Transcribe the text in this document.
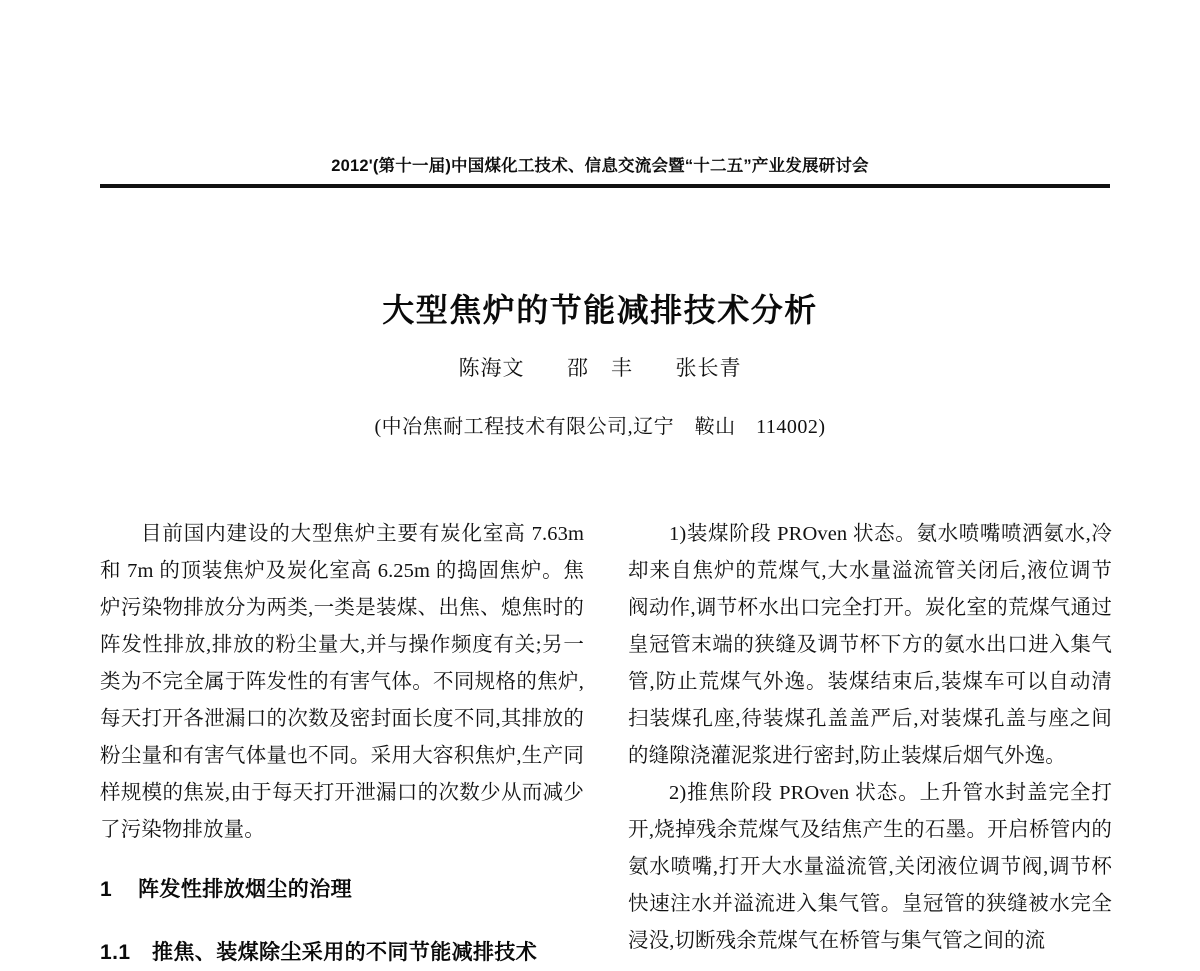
2012'(第十一届)中国煤化工技术、信息交流会暨“十二五”产业发展研讨会
大型焦炉的节能减排技术分析
陈海文 邵　丰 张长青
(中冶焦耐工程技术有限公司,辽宁　鞍山　114002)

目前国内建设的大型焦炉主要有炭化室高 7.63m 和 7m 的顶装焦炉及炭化室高 6.25m 的捣固焦炉。焦炉污染物排放分为两类,一类是装煤、出焦、熄焦时的阵发性排放,排放的粉尘量大,并与操作频度有关;另一类为不完全属于阵发性的有害气体。不同规格的焦炉, 每天打开各泄漏口的次数及密封面长度不同,其排放的粉尘量和有害气体量也不同。采用大容积焦炉,生产同样规模的焦炭,由于每天打开泄漏口的次数少从而减少了污染物排放量。

1 阵发性排放烟尘的治理
1.1 推焦、装煤除尘采用的不同节能减排技术

1)装煤阶段 PROven 状态。氨水喷嘴喷洒氨水,冷却来自焦炉的荒煤气,大水量溢流管关闭后,液位调节阀动作,调节杯水出口完全打开。炭化室的荒煤气通过皇冠管末端的狭缝及调节杯下方的氨水出口进入集气管,防止荒煤气外逸。装煤结束后,装煤车可以自动清扫装煤孔座,待装煤孔盖盖严后,对装煤孔盖与座之间的缝隙浇灌泥浆进行密封,防止装煤后烟气外逸。

2)推焦阶段 PROven 状态。上升管水封盖完全打开,烧掉残余荒煤气及结焦产生的石墨。开启桥管内的氨水喷嘴,打开大水量溢流管,关闭液位调节阀,调节杯快速注水并溢流进入集气管。皇冠管的狭缝被水完全浸没,切断残余荒煤气在桥管与集气管之间的流
